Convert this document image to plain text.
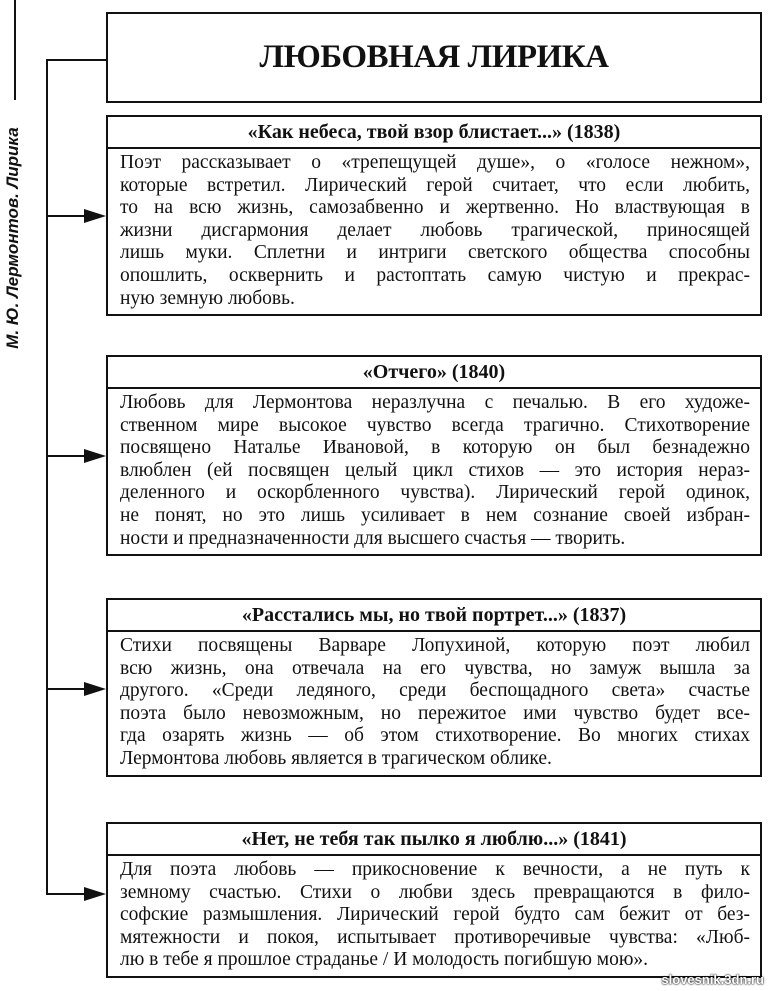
М. Ю. Лермонтов. Лирика
ЛЮБОВНАЯ ЛИРИКА
«Как небеса, твой взор блистает...» (1838)
Поэт рассказывает о «трепещущей душе», о «голосе нежном»,
которые встретил. Лирический герой считает, что если любить,
то на всю жизнь, самозабвенно и жертвенно. Но властвующая в
жизни дисгармония делает любовь трагической, приносящей
лишь муки. Сплетни и интриги светского общества способны
опошлить, осквернить и растоптать самую чистую и прекрас-
ную земную любовь.
«Отчего» (1840)
Любовь для Лермонтова неразлучна с печалью. В его художе-
ственном мире высокое чувство всегда трагично. Стихотворение
посвящено Наталье Ивановой, в которую он был безнадежно
влюблен (ей посвящен целый цикл стихов — это история нераз-
деленного и оскорбленного чувства). Лирический герой одинок,
не понят, но это лишь усиливает в нем сознание своей избран-
ности и предназначенности для высшего счастья — творить.
«Расстались мы, но твой портрет...» (1837)
Стихи посвящены Варваре Лопухиной, которую поэт любил
всю жизнь, она отвечала на его чувства, но замуж вышла за
другого. «Среди ледяного, среди беспощадного света» счастье
поэта было невозможным, но пережитое ими чувство будет все-
гда озарять жизнь — об этом стихотворение. Во многих стихах
Лермонтова любовь является в трагическом облике.
«Нет, не тебя так пылко я люблю...» (1841)
Для поэта любовь — прикосновение к вечности, а не путь к
земному счастью. Стихи о любви здесь превращаются в фило-
софские размышления. Лирический герой будто сам бежит от без-
мятежности и покоя, испытывает противоречивые чувства: «Люб-
лю в тебе я прошлое страданье / И молодость погибшую мою».
slovesnik.3dn.ru
